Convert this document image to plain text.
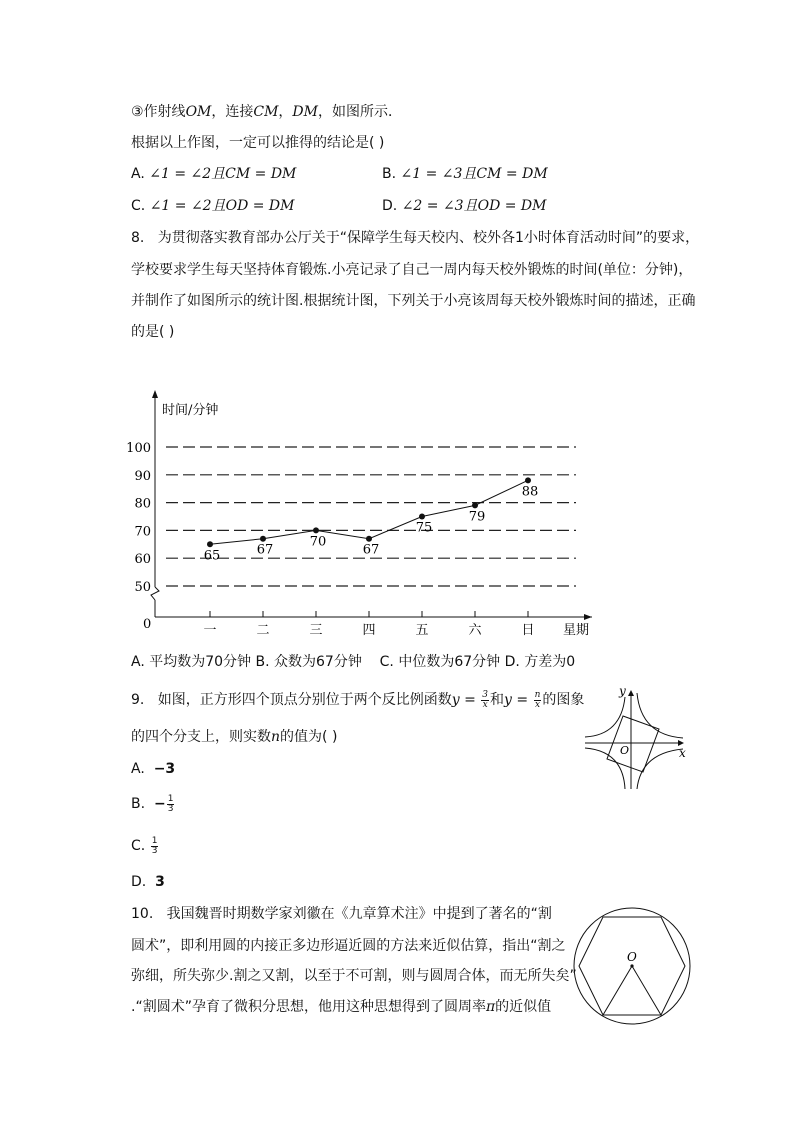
③作射线OM，连接CM，DM，如图所示．
根据以上作图，一定可以推得的结论是( )
A. ∠1 = ∠2且CM = DM	B. ∠1 = ∠3且CM = DM
C. ∠1 = ∠2且OD = DM	D. ∠2 = ∠3且OD = DM
8. 为贯彻落实教育部办公厅关于“保障学生每天校内、校外各1小时体育活动时间”的要求，
学校要求学生每天坚持体育锻炼.小亮记录了自己一周内每天校外锻炼的时间(单位：分钟)，
并制作了如图所示的统计图.根据统计图，下列关于小亮该周每天校外锻炼时间的描述，正确
的是( )
时间/分钟
星期
0
50
60
70
80
90
100
一	二	三	四	五	六	日
65	67
70
67
75
79
88
A. 平均数为70分钟 B. 众数为67分钟 C. 中位数为67分钟 D. 方差为0
9. 如图，正方形四个顶点分别位于两个反比例函数$y = \frac{3}{x}$ 和$y = \frac{n}{x}$ 的图象
的四个分支上，则实数n的值为( )
A. −3
B. − $\frac{1}{3}$
C. $\frac{1}{3}$
D. 3
y
x
O
10. 我国魏晋时期数学家刘徽在《九章算术注》中提到了著名的“割
圆术”，即利用圆的内接正多边形逼近圆的方法来近似估算，指出“割之
弥细，所失弥少.割之又割，以至于不可割，则与圆周合体，而无所失矣”
.“割圆术”孕育了微积分思想，他用这种思想得到了圆周率π的近似值
O
